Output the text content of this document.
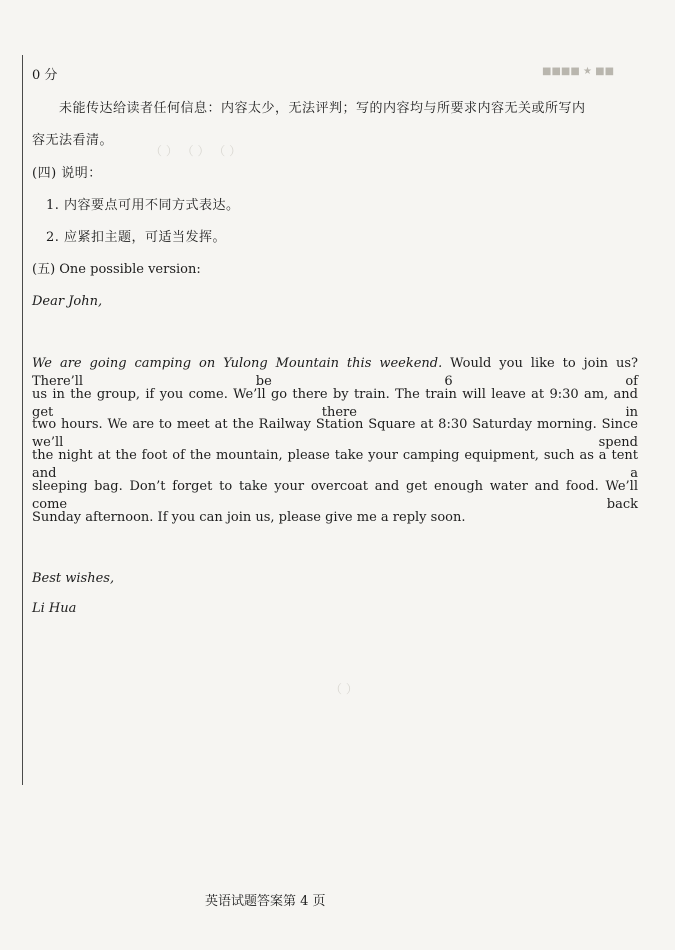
（ ） （ ） （ ）
（ ）
■■■■ ★ ■■

0 分

未能传达给读者任何信息：内容太少，无法评判；写的内容均与所要求内容无关或所写内

容无法看清。

(四) 说明：

1. 内容要点可用不同方式表达。

2. 应紧扣主题，可适当发挥。

(五) One possible version:

Dear John,

We are going camping on Yulong Mountain this weekend. Would you like to join us? There’ll be 6 of

us in the group, if you come. We’ll go there by train. The train will leave at 9:30 am, and get there in

two hours. We are to meet at the Railway Station Square at 8:30 Saturday morning. Since we’ll spend

the night at the foot of the mountain, please take your camping equipment, such as a tent and a

sleeping bag. Don’t forget to take your overcoat and get enough water and food. We’ll come back

Sunday afternoon. If you can join us, please give me a reply soon.

Best wishes,

Li Hua

英语试题答案第 4 页
